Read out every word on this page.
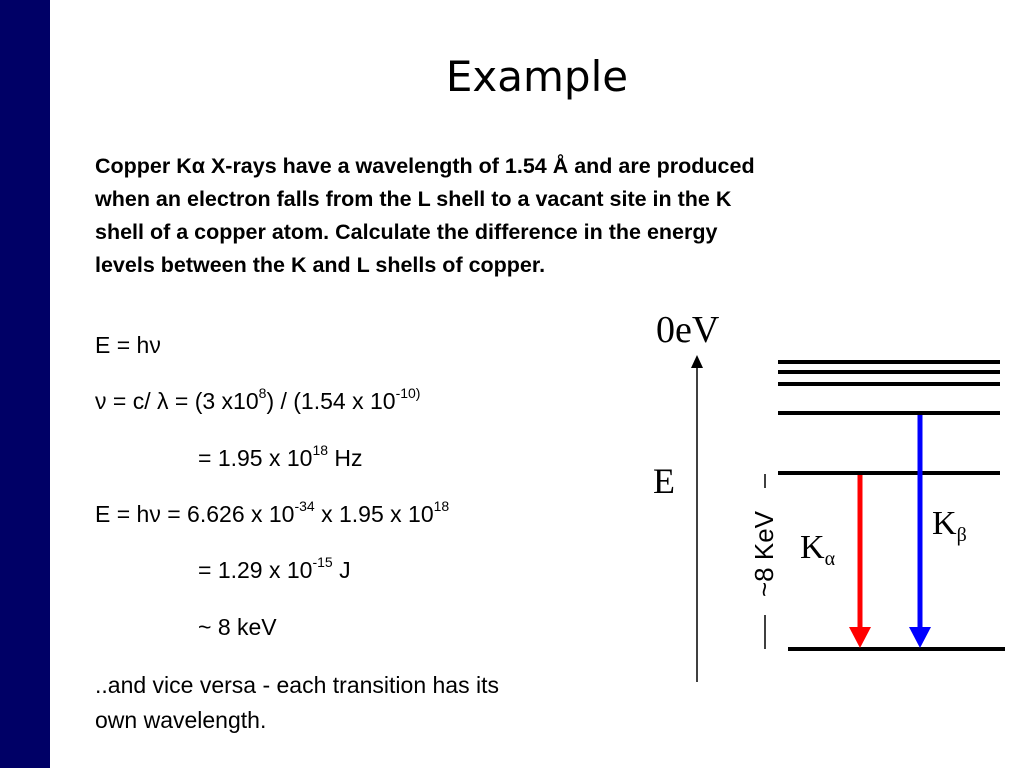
Example
Copper Kα X-rays have a wavelength of 1.54 Å and are produced
when an electron falls from the L shell to a vacant site in the K
shell of a copper atom. Calculate the difference in the energy
levels between the K and L shells of copper.
E = hν
ν = c/ λ = (3 $x10^8) / (1.54$ x $10^{-10)}$
= 1.95 x $10^{18}$ Hz
E = hν = 6.626 x $10^{-34}$ x 1.95 x $10^{18}$
= 1.29 x $10^{-15}$ J
~ 8 keV
..and vice versa - each transition has its
own wavelength.
0eV
E
~8 KeV $K_\alpha$
$K_\beta$
